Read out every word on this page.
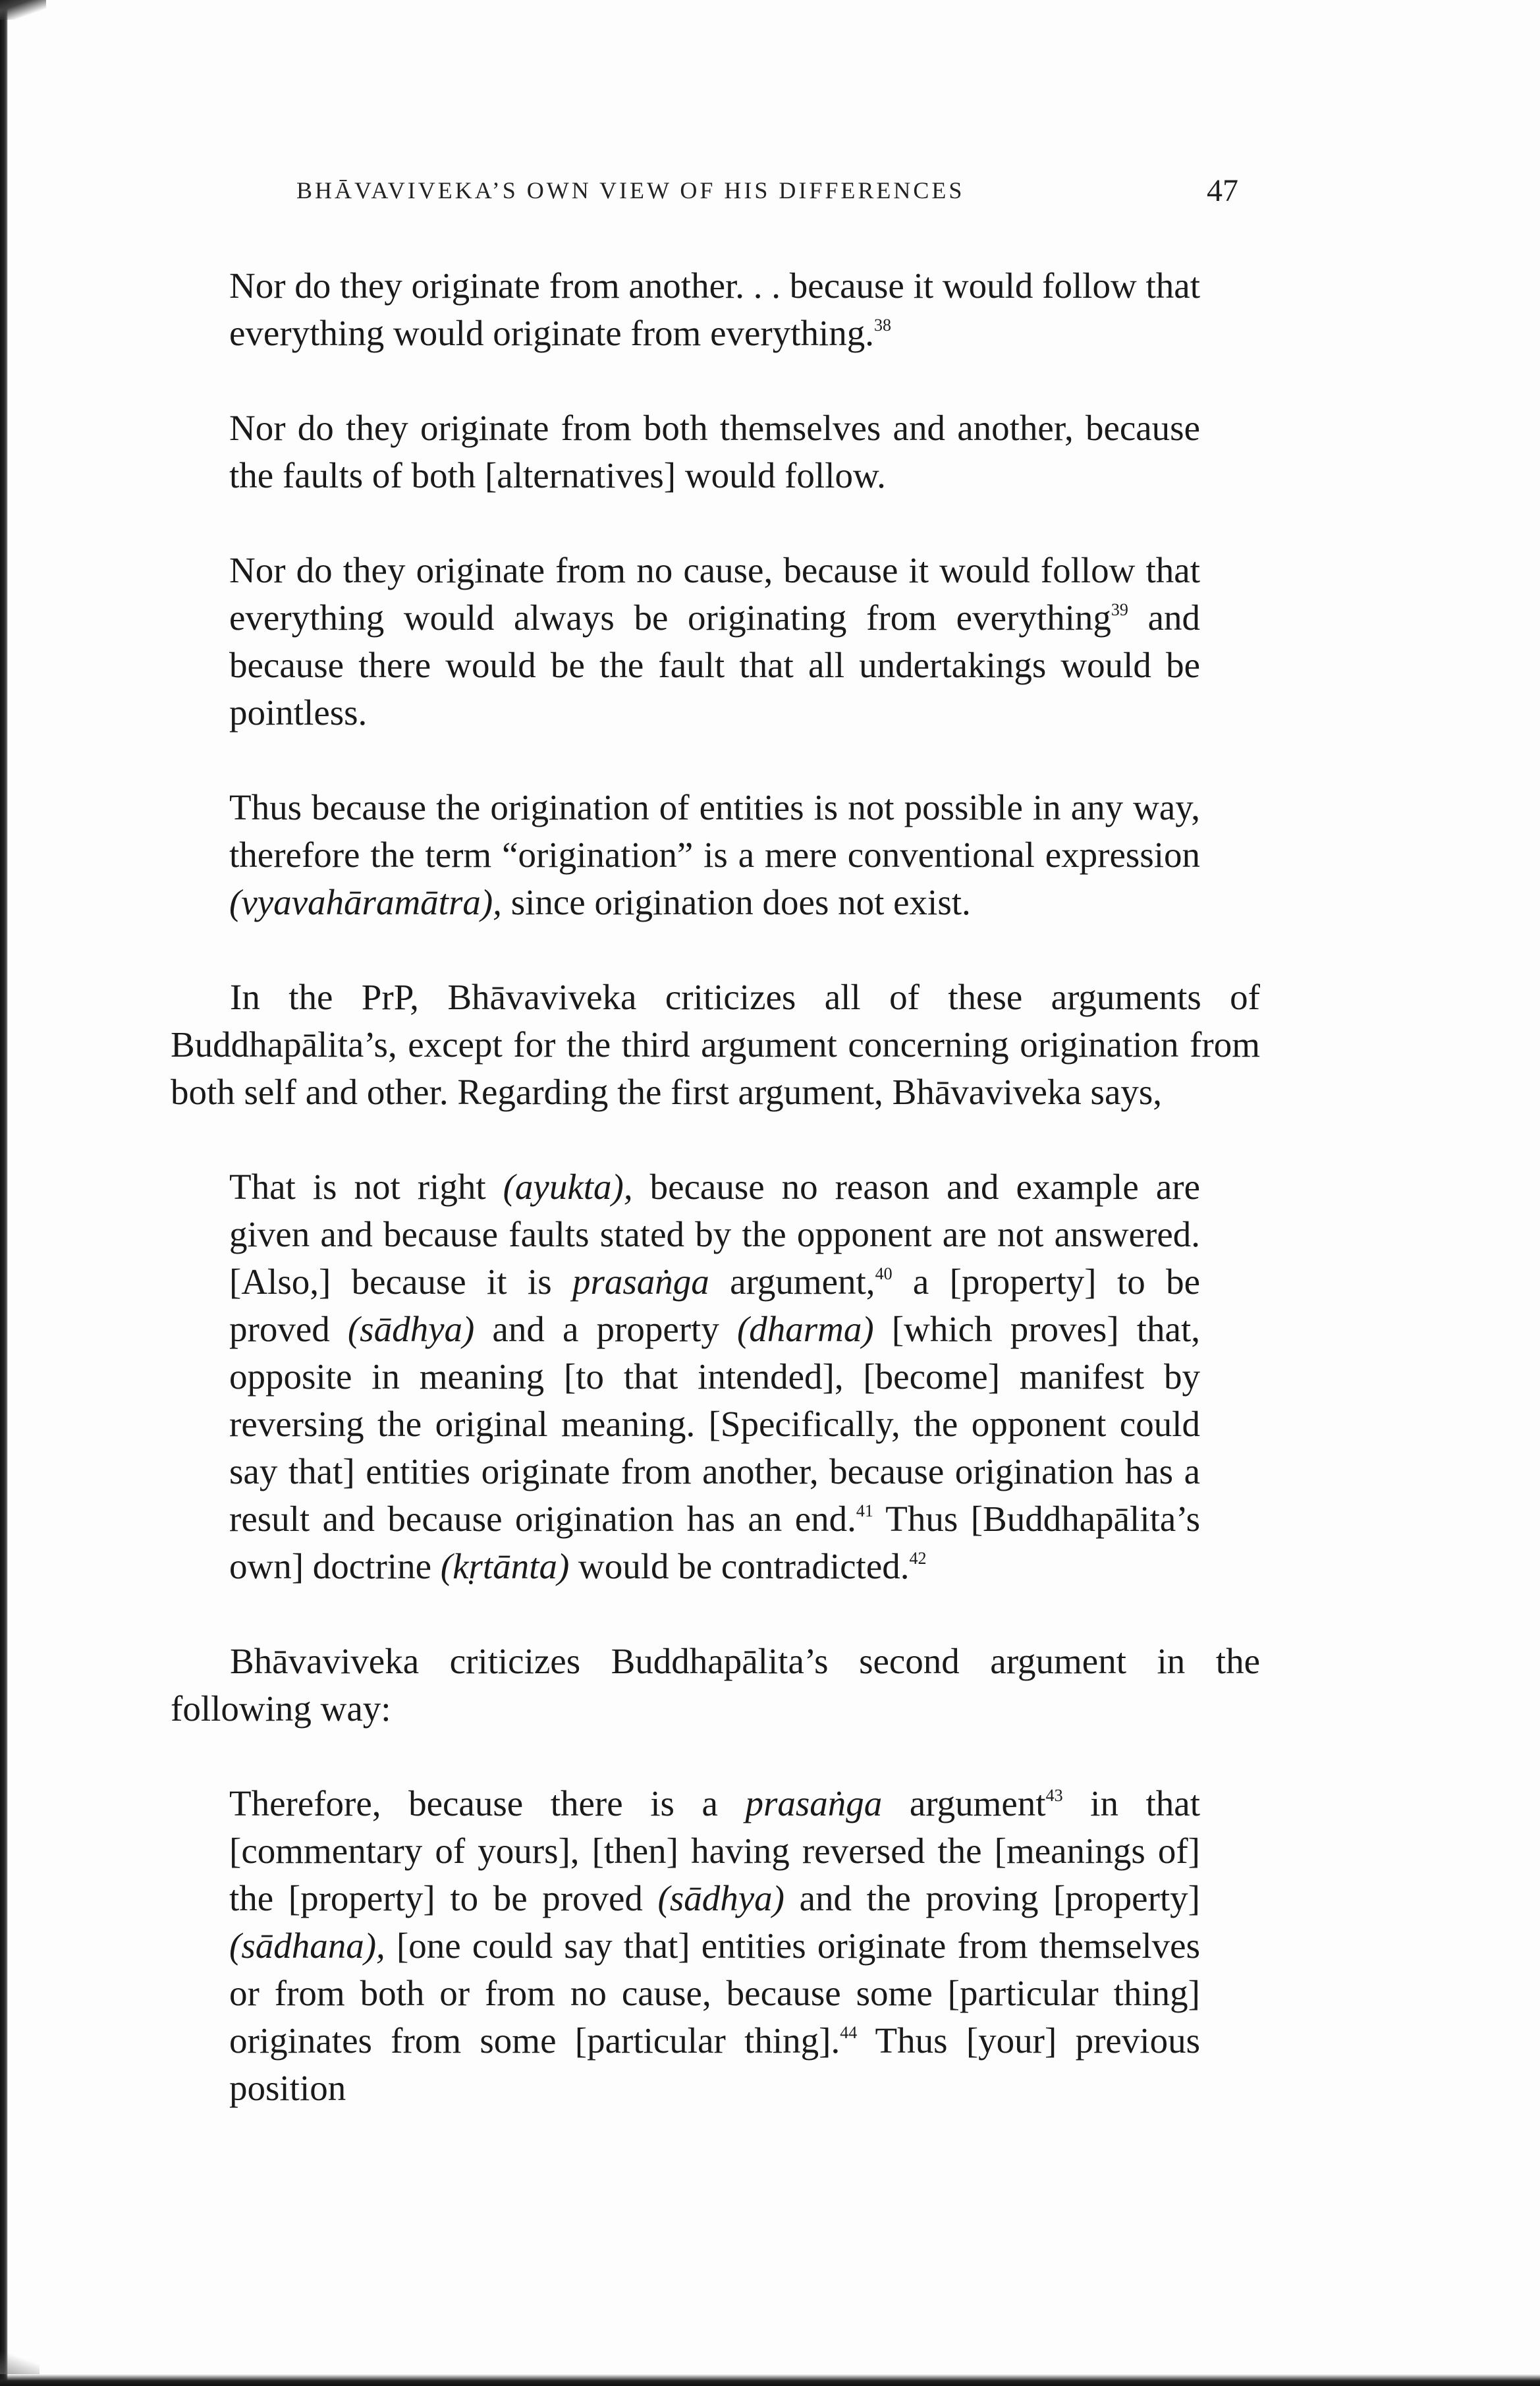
BHĀVAVIVEKA’S OWN VIEW OF HIS DIFFERENCES	47
Nor do they originate from another. . . because it would follow that everything would originate from everything.$^{38}$
Nor do they originate from both themselves and another, because the faults of both [alternatives] would follow.
Nor do they originate from no cause, because it would follow that everything would always be originating from everything$^{39}$ and because there would be the fault that all undertakings would be pointless.
Thus because the origination of entities is not possible in any way, therefore the term “origination” is a mere conventional expression (vyavahāramātra), since origination does not exist.
In the PrP, Bhāvaviveka criticizes all of these arguments of Buddhapālita’s, except for the third argument concerning origination from both self and other. Regarding the first argument, Bhāvaviveka says,
That is not right (ayukta), because no reason and example are given and because faults stated by the opponent are not answered. [Also,] because it is prasaṅga argument,$^{40}$ a [property] to be proved (sādhya) and a property (dharma) [which proves] that, opposite in meaning [to that intended], [become] manifest by reversing the original meaning. [Specifically, the opponent could say that] entities originate from another, because origination has a result and because origination has an end.$^{41}$ Thus [Buddhapālita’s own] doctrine (kṛtānta) would be contradicted.$^{42}$
Bhāvaviveka criticizes Buddhapālita’s second argument in the following way:
Therefore, because there is a prasaṅga argument$^{43}$ in that [commentary of yours], [then] having reversed the [meanings of] the [property] to be proved (sādhya) and the proving [property] (sādhana), [one could say that] entities originate from themselves or from both or from no cause, because some [particular thing] originates from some [particular thing].$^{44}$ Thus [your] previous position
